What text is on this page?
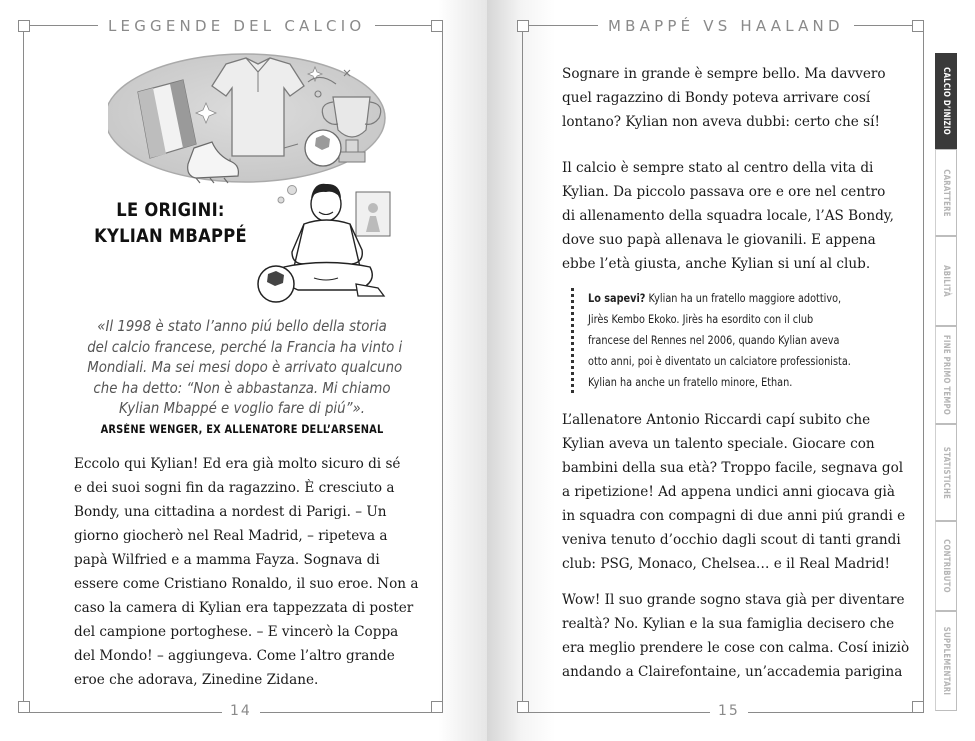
LEGGENDE DEL CALCIO
LE ORIGINI:
KYLIAN MBAPPÉ
«Il 1998 è stato l’anno piú bello della storia
del calcio francese, perché la Francia ha vinto i
Mondiali. Ma sei mesi dopo è arrivato qualcuno
che ha detto: “Non è abbastanza. Mi chiamo
Kylian Mbappé e voglio fare di piú”».
ARSÈNE WENGER, EX ALLENATORE DELL’ARSENAL
Eccolo qui Kylian! Ed era già molto sicuro di sé
e dei suoi sogni fin da ragazzino. È cresciuto a
Bondy, una cittadina a nordest di Parigi. – Un
giorno giocherò nel Real Madrid, – ripeteva a
papà Wilfried e a mamma Fayza. Sognava di
essere come Cristiano Ronaldo, il suo eroe. Non a
caso la camera di Kylian era tappezzata di poster
del campione portoghese. – E vincerò la Coppa
del Mondo! – aggiungeva. Come l’altro grande
eroe che adorava, Zinedine Zidane.
14
MBAPPÉ VS HAALAND
Sognare in grande è sempre bello. Ma davvero
quel ragazzino di Bondy poteva arrivare cosí
lontano? Kylian non aveva dubbi: certo che sí!
Il calcio è sempre stato al centro della vita di
Kylian. Da piccolo passava ore e ore nel centro
di allenamento della squadra locale, l’AS Bondy,
dove suo papà allenava le giovanili. E appena
ebbe l’età giusta, anche Kylian si uní al club.
Lo sapevi? Kylian ha un fratello maggiore adottivo,
Jirès Kembo Ekoko. Jirès ha esordito con il club
francese del Rennes nel 2006, quando Kylian aveva
otto anni, poi è diventato un calciatore professionista.
Kylian ha anche un fratello minore, Ethan.
L’allenatore Antonio Riccardi capí subito che
Kylian aveva un talento speciale. Giocare con
bambini della sua età? Troppo facile, segnava gol
a ripetizione! Ad appena undici anni giocava già
in squadra con compagni di due anni piú grandi e
veniva tenuto d’occhio dagli scout di tanti grandi
club: PSG, Monaco, Chelsea… e il Real Madrid!
Wow! Il suo grande sogno stava già per diventare
realtà? No. Kylian e la sua famiglia decisero che
era meglio prendere le cose con calma. Cosí iniziò
andando a Clairefontaine, un’accademia parigina
15
CALCIO D’INIZIO
CARATTERE
ABILITÀ
FINE PRIMO TEMPO
STATISTICHE
CONTRIBUTO
SUPPLEMENTARI
